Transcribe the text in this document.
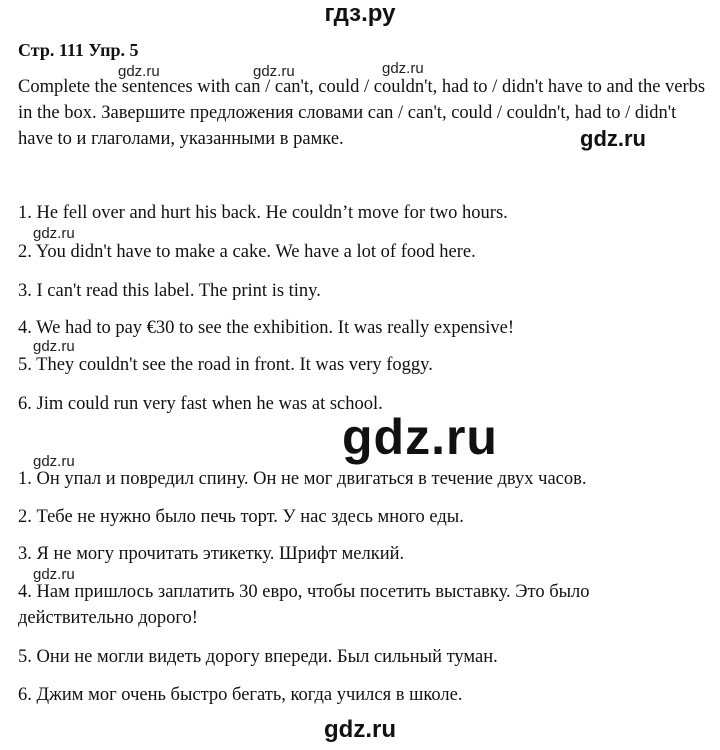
гдз.ру
Стр. 111 Упр. 5
Complete the sentences with can / can't, could / couldn't, had to / didn't have to and the verbs in the box. Завершите предложения словами can / can't, could / couldn't, had to / didn't have to и глаголами, указанными в рамке.
1. He fell over and hurt his back. He couldn’t move for two hours.
2. You didn't have to make a cake. We have a lot of food here.
3. I can't read this label. The print is tiny.
4. We had to pay €30 to see the exhibition. It was really expensive!
5. They couldn't see the road in front. It was very foggy.
6. Jim could run very fast when he was at school.
1. Он упал и повредил спину. Он не мог двигаться в течение двух часов.
2. Тебе не нужно было печь торт. У нас здесь много еды.
3. Я не могу прочитать этикетку. Шрифт мелкий.
4. Нам пришлось заплатить 30 евро, чтобы посетить выставку. Это было
действительно дорого!
5. Они не могли видеть дорогу впереди. Был сильный туман.
6. Джим мог очень быстро бегать, когда учился в школе.
gdz.ru	gdz.ru	gdz.ru
gdz.ru
gdz.ru
gdz.ru
gdz.ru
gdz.ru
gdz.ru
gdz.ru
